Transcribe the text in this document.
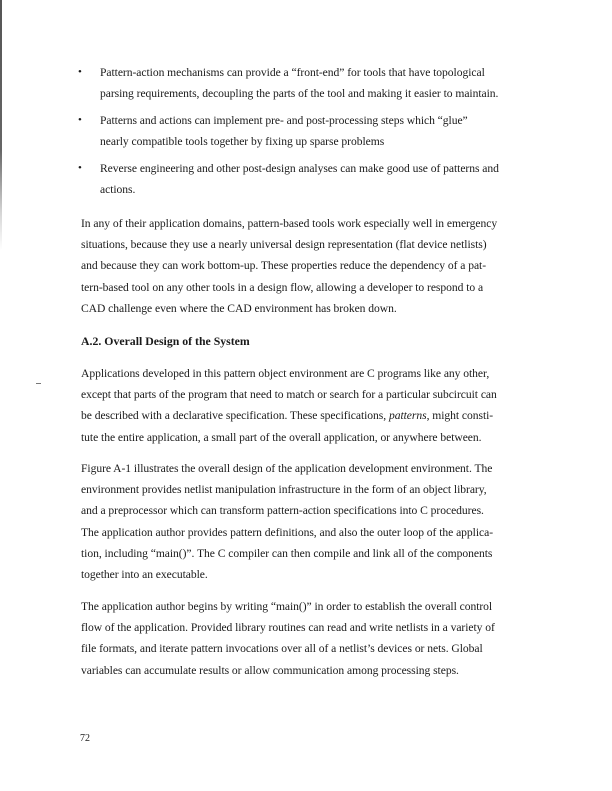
•	Pattern-action mechanisms can provide a “front-end” for tools that have topological
parsing requirements, decoupling the parts of the tool and making it easier to maintain.
•	Patterns and actions can implement pre- and post-processing steps which “glue”
nearly compatible tools together by fixing up sparse problems
•	Reverse engineering and other post-design analyses can make good use of patterns and
actions.
In any of their application domains, pattern-based tools work especially well in emergency
situations, because they use a nearly universal design representation (flat device netlists)
and because they can work bottom-up. These properties reduce the dependency of a pat-
tern-based tool on any other tools in a design flow, allowing a developer to respond to a
CAD challenge even where the CAD environment has broken down.
A.2. Overall Design of the System
Applications developed in this pattern object environment are C programs like any other,
except that parts of the program that need to match or search for a particular subcircuit can
be described with a declarative specification. These specifications, patterns, might consti-
tute the entire application, a small part of the overall application, or anywhere between.
Figure A-1 illustrates the overall design of the application development environment. The
environment provides netlist manipulation infrastructure in the form of an object library,
and a preprocessor which can transform pattern-action specifications into C procedures.
The application author provides pattern definitions, and also the outer loop of the applica-
tion, including “main()”. The C compiler can then compile and link all of the components
together into an executable.
The application author begins by writing “main()” in order to establish the overall control
flow of the application. Provided library routines can read and write netlists in a variety of
file formats, and iterate pattern invocations over all of a netlist’s devices or nets. Global
variables can accumulate results or allow communication among processing steps.
72
